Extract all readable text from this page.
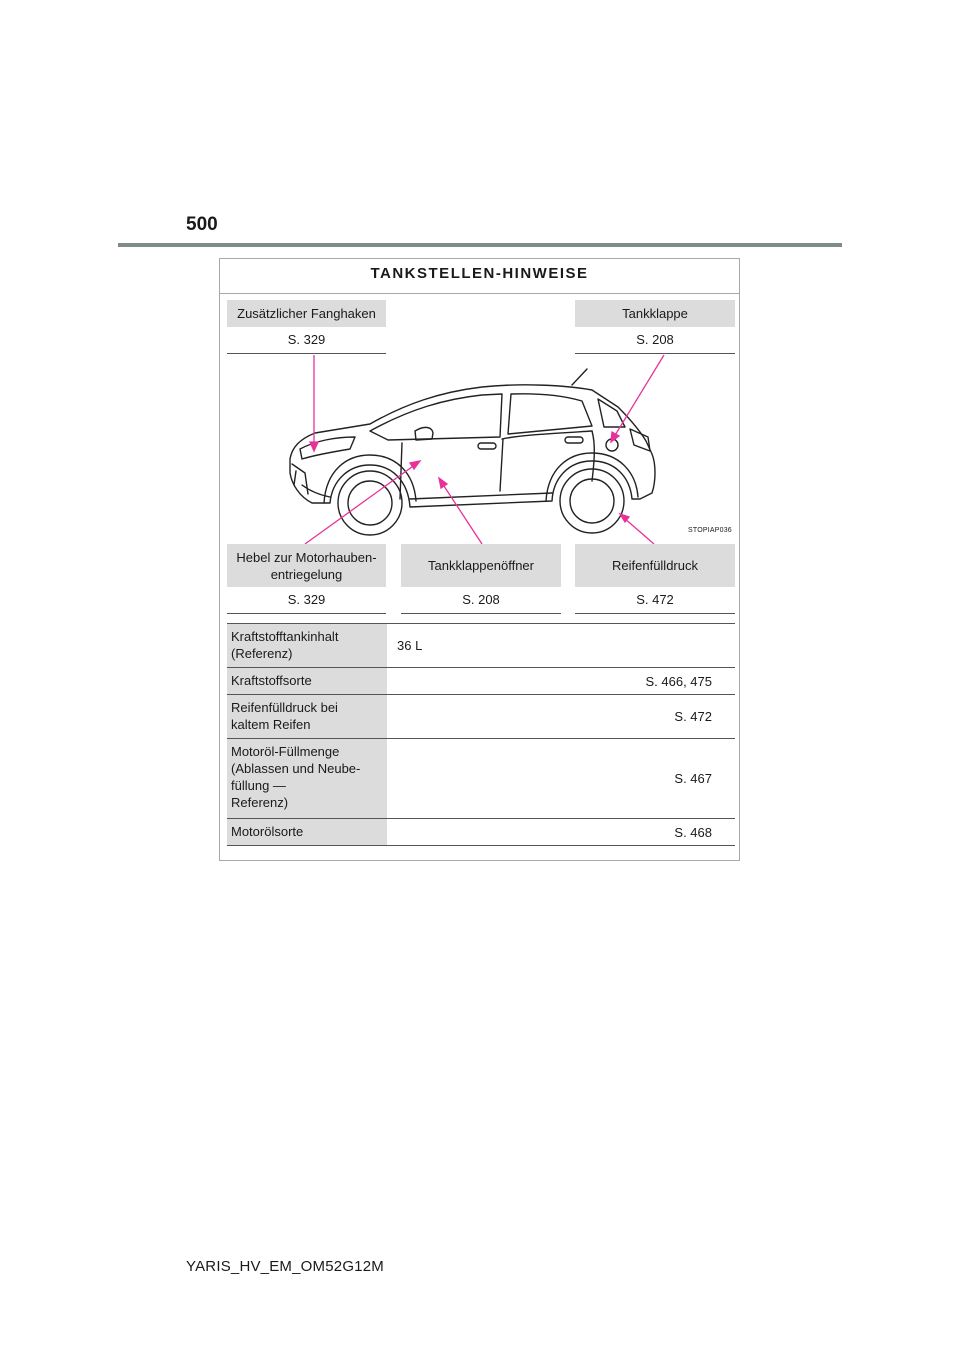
500
TANKSTELLEN-HINWEISE
Zusätzlicher Fanghaken
S. 329
Tankklappe
S. 208
STOPIAP036
Hebel zur Motorhauben-
entriegelung
S. 329
Tankklappenöffner
S. 208
Reifenfülldruck
S. 472
Kraftstofftankinhalt
(Referenz)
36 L
Kraftstoffsorte	S. 466, 475
Reifenfülldruck bei
kaltem Reifen
S. 472
Motoröl-Füllmenge
(Ablassen und Neube-
füllung —
Referenz)
S. 467
Motorölsorte	S. 468
YARIS_HV_EM_OM52G12M
